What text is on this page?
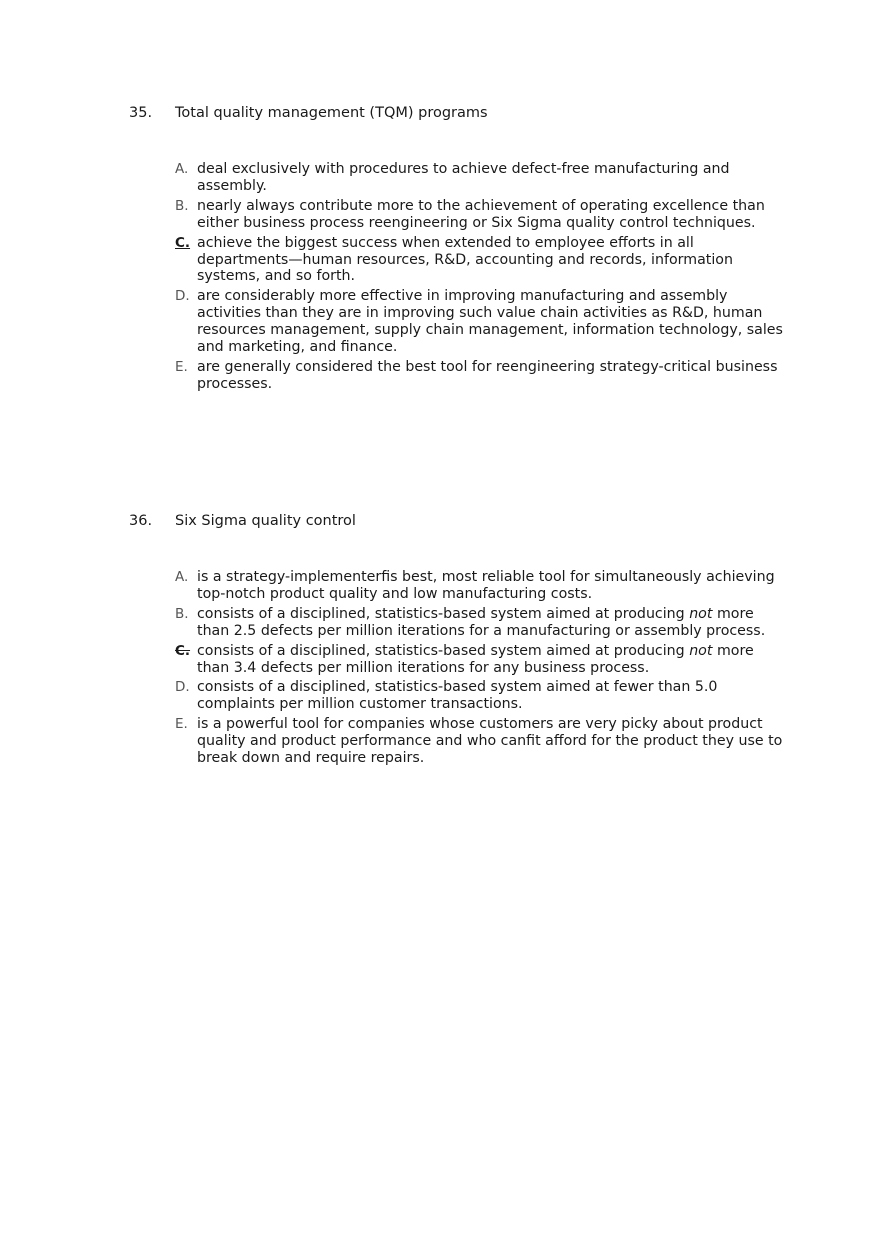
35. Total quality management (TQM) programs
A. deal exclusively with procedures to achieve defect-free manufacturing and assembly.
B. nearly always contribute more to the achievement of operating excellence than either business process reengineering or Six Sigma quality control techniques.
C. achieve the biggest success when extended to employee efforts in all departments—human resources, R&D, accounting and records, information systems, and so forth.
D. are considerably more effective in improving manufacturing and assembly activities than they are in improving such value chain activities as R&D, human resources management, supply chain management, information technology, sales and marketing, and finance.
E. are generally considered the best tool for reengineering strategy-critical business processes.
36. Six Sigma quality control
A. is a strategy-implementerﬁs best, most reliable tool for simultaneously achieving top-notch product quality and low manufacturing costs.
B. consists of a disciplined, statistics-based system aimed at producing not more than 2.5 defects per million iterations for a manufacturing or assembly process.
C. consists of a disciplined, statistics-based system aimed at producing not more than 3.4 defects per million iterations for any business process.
D. consists of a disciplined, statistics-based system aimed at fewer than 5.0 complaints per million customer transactions.
E. is a powerful tool for companies whose customers are very picky about product quality and product performance and who canﬁt afford for the product they use to break down and require repairs.
